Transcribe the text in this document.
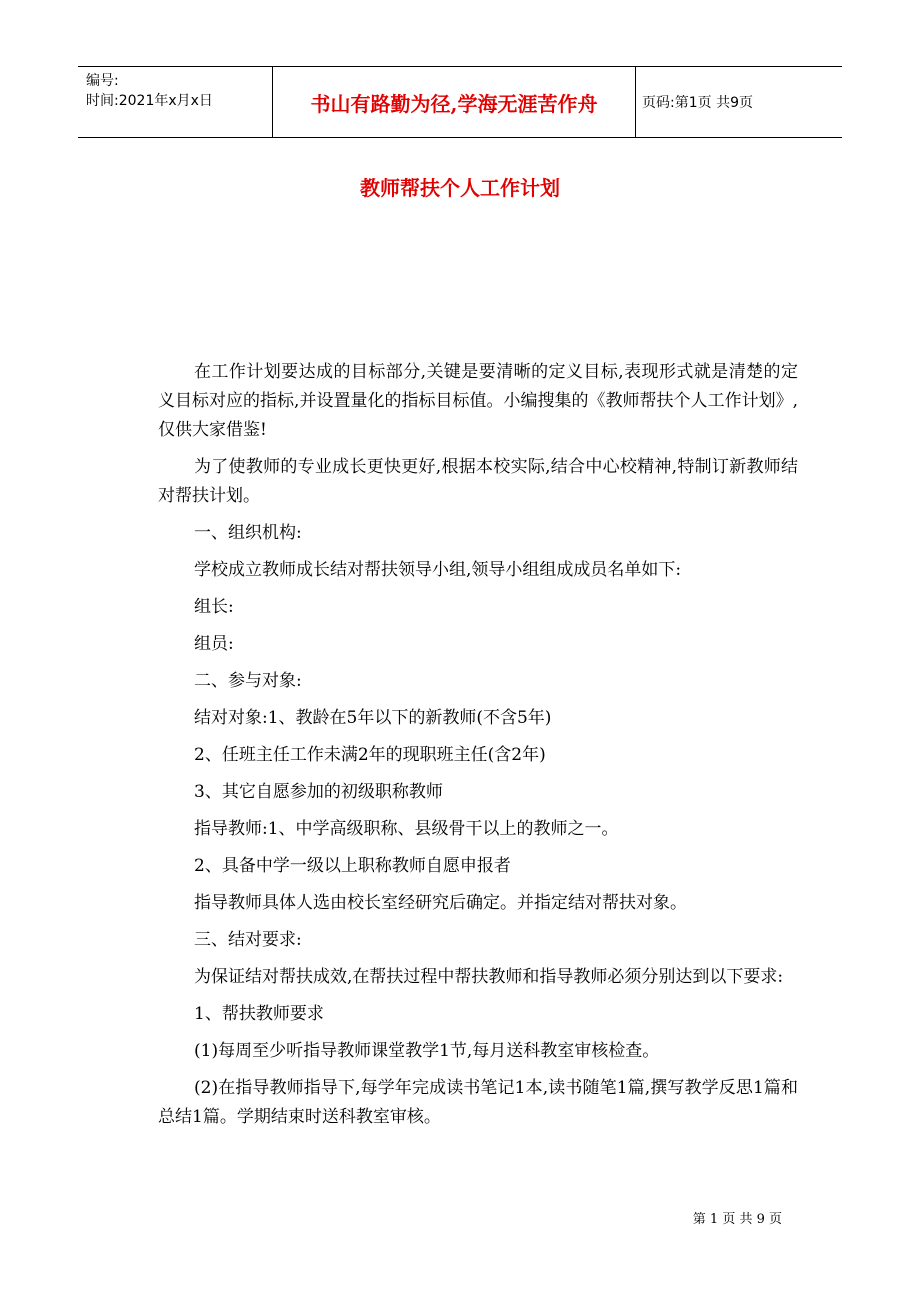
编号:
时间:2021年x月x日	书山有路勤为径,学海无涯苦作舟	页码:第1页 共9页
教师帮扶个人工作计划

在工作计划要达成的目标部分,关键是要清晰的定义目标,表现形式就是清楚的定义目标对应的指标,并设置量化的指标目标值。小编搜集的《教师帮扶个人工作计划》,仅供大家借鉴!

为了使教师的专业成长更快更好,根据本校实际,结合中心校精神,特制订新教师结对帮扶计划。

一、组织机构:

学校成立教师成长结对帮扶领导小组,领导小组组成成员名单如下:

组长:

组员:

二、参与对象:

结对对象:1、教龄在5年以下的新教师(不含5年)

2、任班主任工作未满2年的现职班主任(含2年)

3、其它自愿参加的初级职称教师

指导教师:1、中学高级职称、县级骨干以上的教师之一。

2、具备中学一级以上职称教师自愿申报者

指导教师具体人选由校长室经研究后确定。并指定结对帮扶对象。

三、结对要求:

为保证结对帮扶成效,在帮扶过程中帮扶教师和指导教师必须分别达到以下要求:

1、帮扶教师要求

(1)每周至少听指导教师课堂教学1节,每月送科教室审核检查。

(2)在指导教师指导下,每学年完成读书笔记1本,读书随笔1篇,撰写教学反思1篇和总结1篇。学期结束时送科教室审核。

第 1 页 共 9 页
